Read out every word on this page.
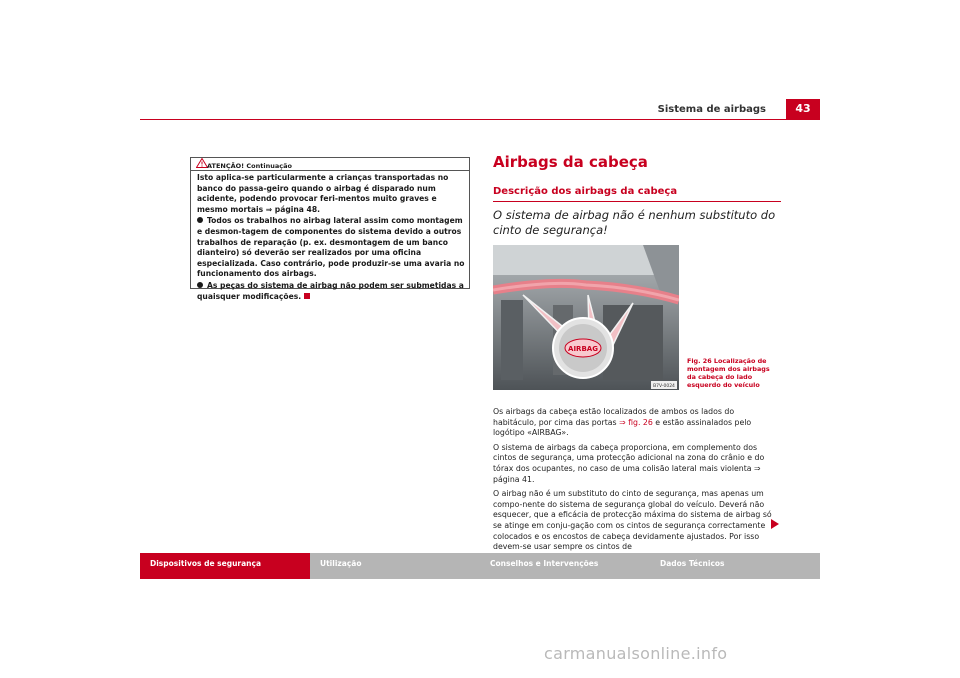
Sistema de airbags	43
ATENÇÃO! Continuação

Isto aplica-se particularmente a crianças transportadas no banco do passa-geiro quando o airbag é disparado num acidente, podendo provocar feri-mentos muito graves e mesmo mortais ⇒ página 48.

Todos os trabalhos no airbag lateral assim como montagem e desmon-tagem de componentes do sistema devido a outros trabalhos de reparação (p. ex. desmontagem de um banco dianteiro) só deverão ser realizados por uma oficina especializada. Caso contrário, pode produzir-se uma avaria no funcionamento dos airbags.

As peças do sistema de airbag não podem ser submetidas a quaisquer modificações.

Airbags da cabeça
Descrição dos airbags da cabeça
O sistema de airbag não é nenhum substituto do cinto de segurança!
AIRBAG
B7V-0024
Fig. 26 Localização de montagem dos airbags da cabeça do lado esquerdo do veículo

Os airbags da cabeça estão localizados de ambos os lados do habitáculo, por cima das portas ⇒ fig. 26 e estão assinalados pelo logótipo «AIRBAG».

O sistema de airbags da cabeça proporciona, em complemento dos cintos de segurança, uma protecção adicional na zona do crânio e do tórax dos ocupantes, no caso de uma colisão lateral mais violenta ⇒ página 41.

O airbag não é um substituto do cinto de segurança, mas apenas um compo-nente do sistema de segurança global do veículo. Deverá não esquecer, que a eficácia de protecção máxima do sistema de airbag só se atinge em conju-gação com os cintos de segurança correctamente colocados e os encostos de cabeça devidamente ajustados. Por isso devem-se usar sempre os cintos de

Dispositivos de segurança	Utilização	Conselhos e Intervenções	Dados Técnicos
carmanualsonline.info
